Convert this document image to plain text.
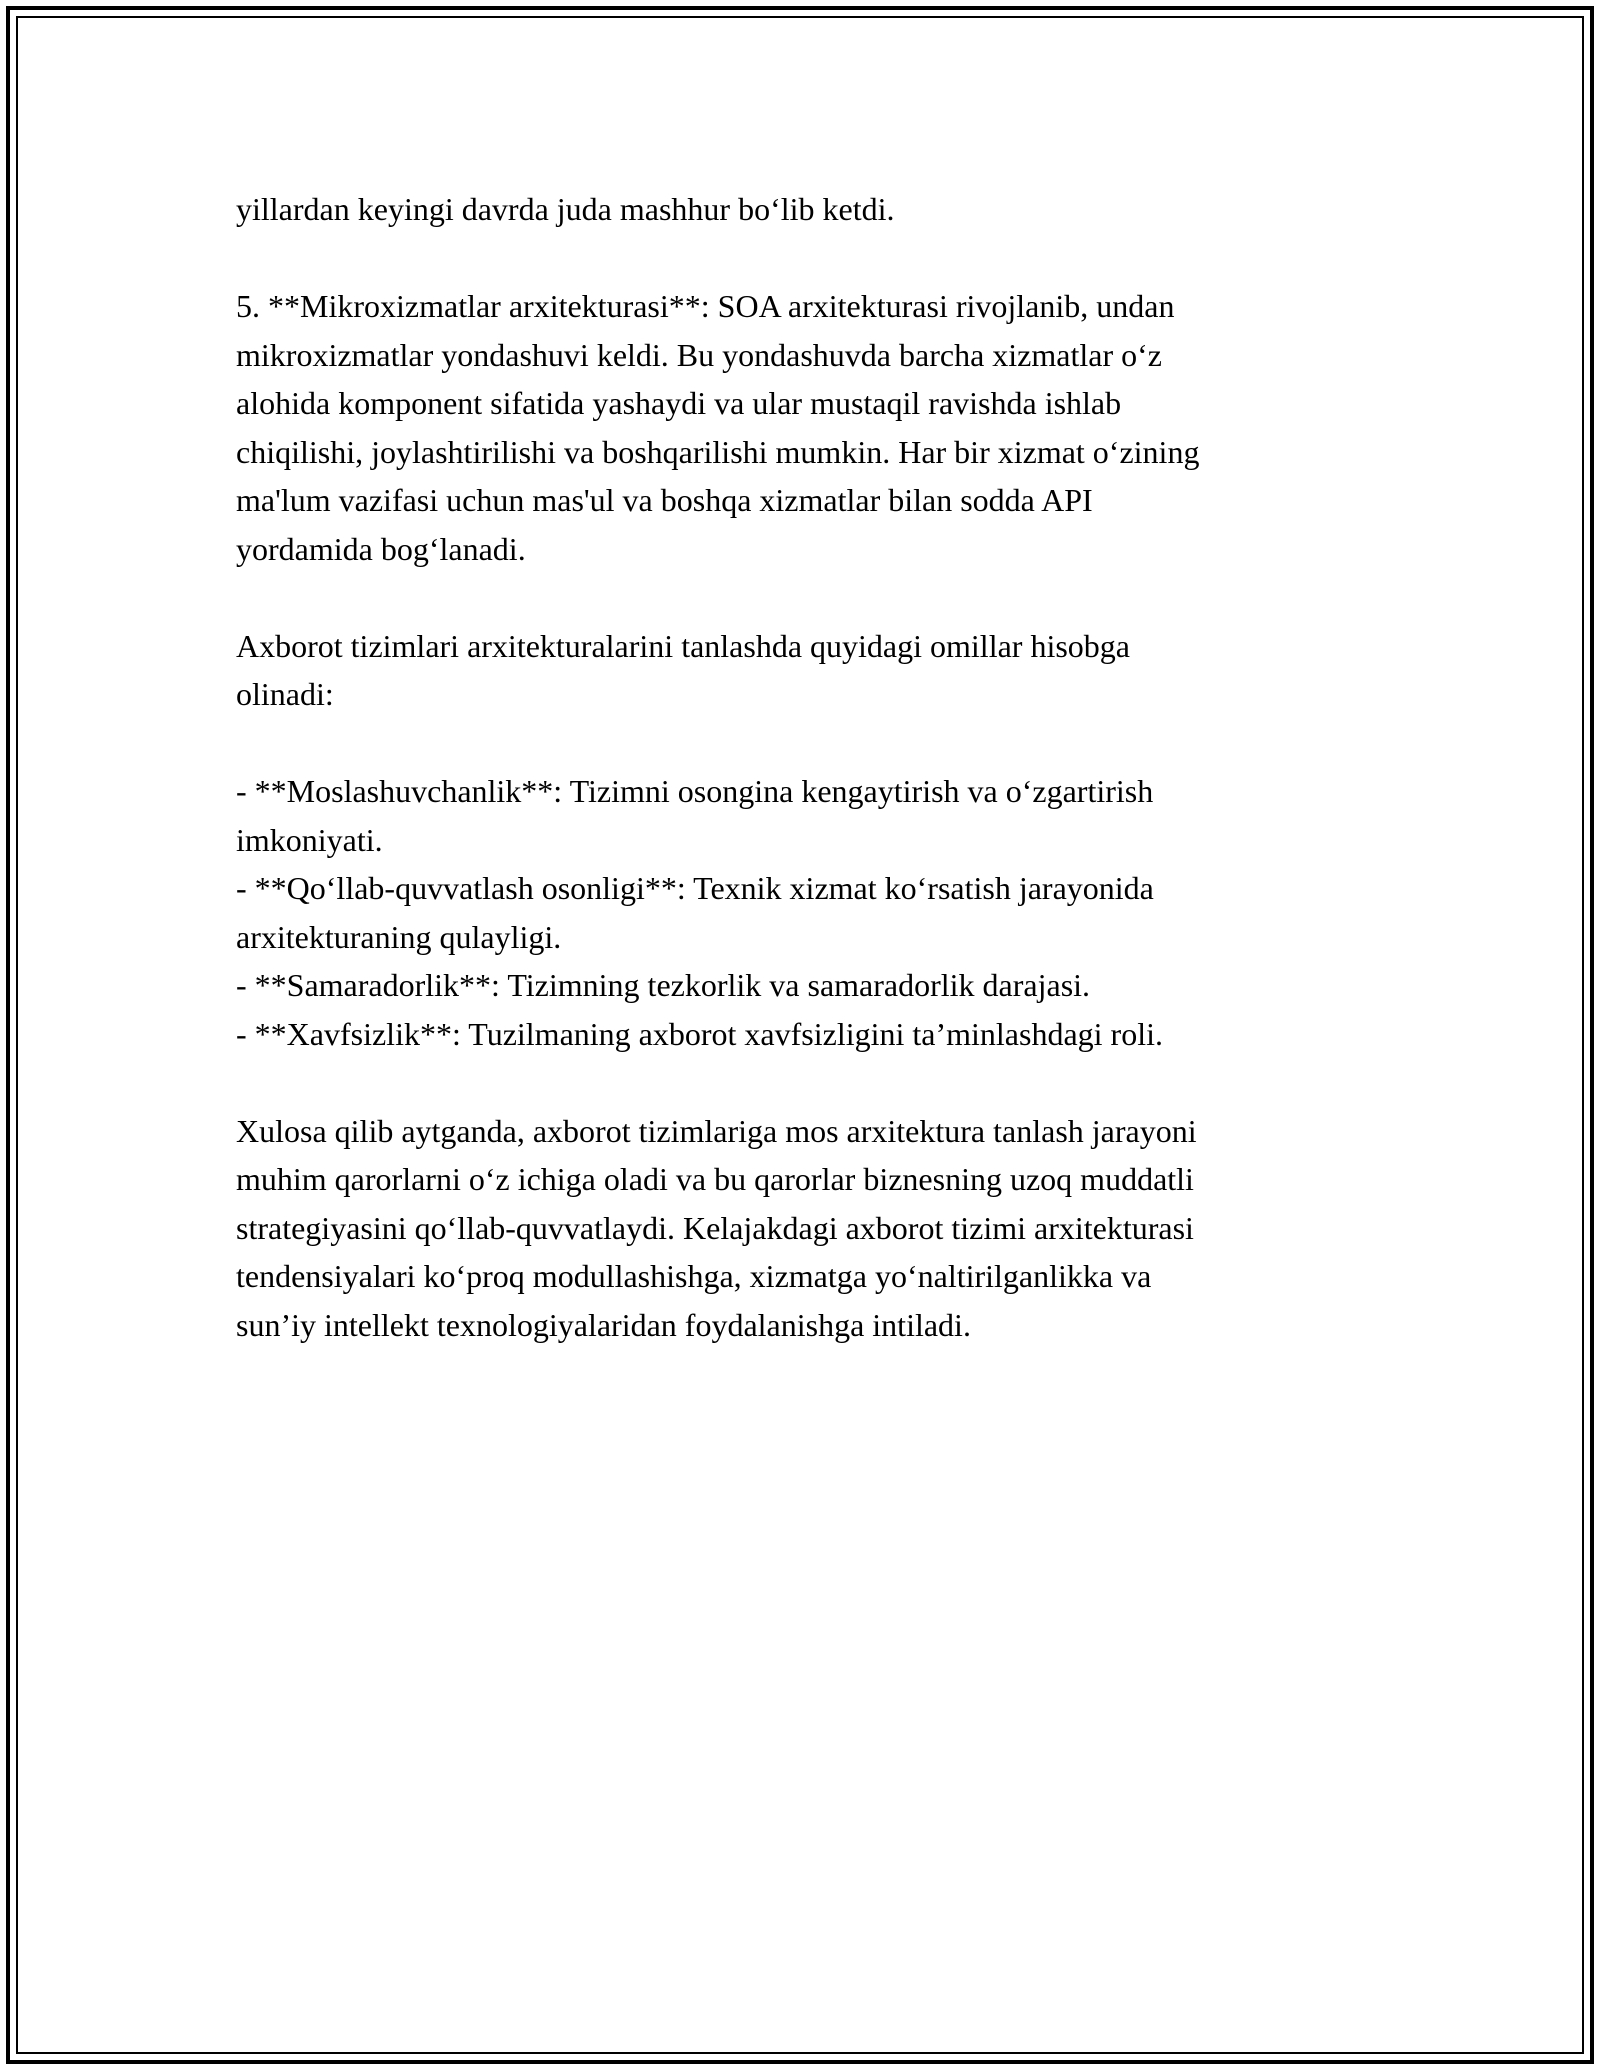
yillardan keyingi davrda juda mashhur bo‘lib ketdi.

5. **Mikroxizmatlar arxitekturasi**: SOA arxitekturasi rivojlanib, undan

mikroxizmatlar yondashuvi keldi. Bu yondashuvda barcha xizmatlar o‘z

alohida komponent sifatida yashaydi va ular mustaqil ravishda ishlab

chiqilishi, joylashtirilishi va boshqarilishi mumkin. Har bir xizmat o‘zining

ma'lum vazifasi uchun mas'ul va boshqa xizmatlar bilan sodda API

yordamida bog‘lanadi.

Axborot tizimlari arxitekturalarini tanlashda quyidagi omillar hisobga

olinadi:

- **Moslashuvchanlik**: Tizimni osongina kengaytirish va o‘zgartirish

imkoniyati.

- **Qo‘llab-quvvatlash osonligi**: Texnik xizmat ko‘rsatish jarayonida

arxitekturaning qulayligi.

- **Samaradorlik**: Tizimning tezkorlik va samaradorlik darajasi.

- **Xavfsizlik**: Tuzilmaning axborot xavfsizligini ta’minlashdagi roli.

Xulosa qilib aytganda, axborot tizimlariga mos arxitektura tanlash jarayoni

muhim qarorlarni o‘z ichiga oladi va bu qarorlar biznesning uzoq muddatli

strategiyasini qo‘llab-quvvatlaydi. Kelajakdagi axborot tizimi arxitekturasi

tendensiyalari ko‘proq modullashishga, xizmatga yo‘naltirilganlikka va

sun’iy intellekt texnologiyalaridan foydalanishga intiladi.
